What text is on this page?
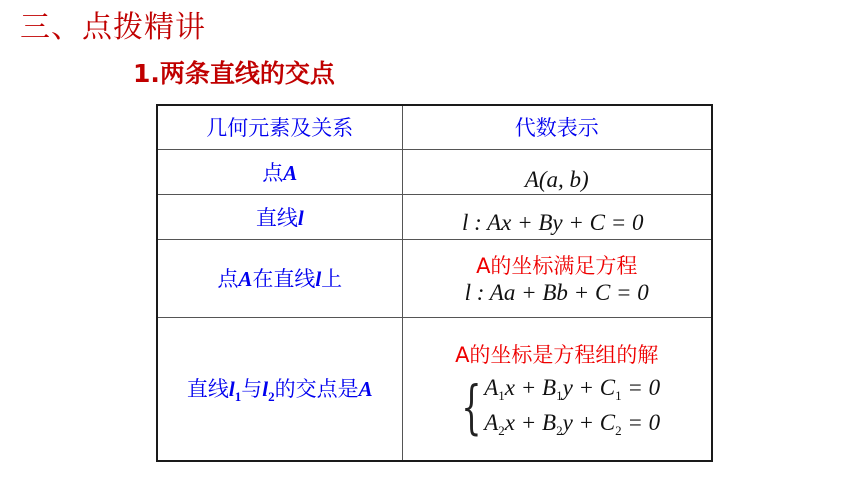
三、点拨精讲
1.两条直线的交点
几何元素及关系	代数表示
点A	A(a, b)
直线l	l : Ax + By + C = 0
点A在直线l上	A的坐标满足方程
l : Aa + Bb + C = 0

直线$l_1$与$l_2$的交点是A	A的坐标是方程组的解
{ $A_1x + B_1y + C_1 = 0$
$A_2x + B_2y + C_2 = 0$
